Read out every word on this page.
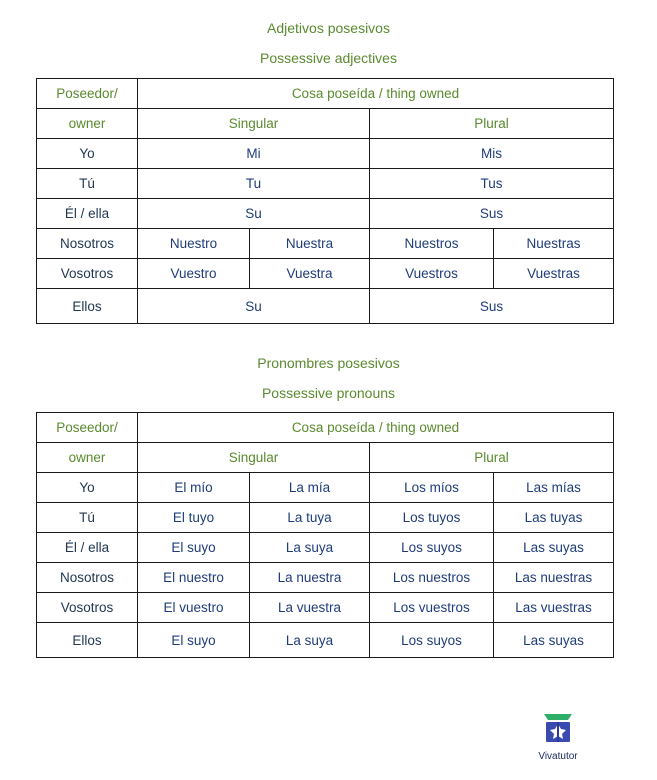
Adjetivos posesivos
Possessive adjectives
Poseedor/	Cosa poseída / thing owned			
owner	Singular		Plural	
Yo	Mi		Mis	
Tú	Tu		Tus	
Él / ella	Su		Sus	
Nosotros	Nuestro	Nuestra	Nuestros	Nuestras
Vosotros	Vuestro	Vuestra	Vuestros	Vuestras
Ellos	Su		Sus	
Pronombres posesivos
Possessive pronouns
Poseedor/	Cosa poseída / thing owned			
owner	Singular		Plural	
Yo	El mío	La mía	Los míos	Las mías
Tú	El tuyo	La tuya	Los tuyos	Las tuyas
Él / ella	El suyo	La suya	Los suyos	Las suyas
Nosotros	El nuestro	La nuestra	Los nuestros	Las nuestras
Vosotros	El vuestro	La vuestra	Los vuestros	Las vuestras
Ellos	El suyo	La suya	Los suyos	Las suyas
Vivatutor
